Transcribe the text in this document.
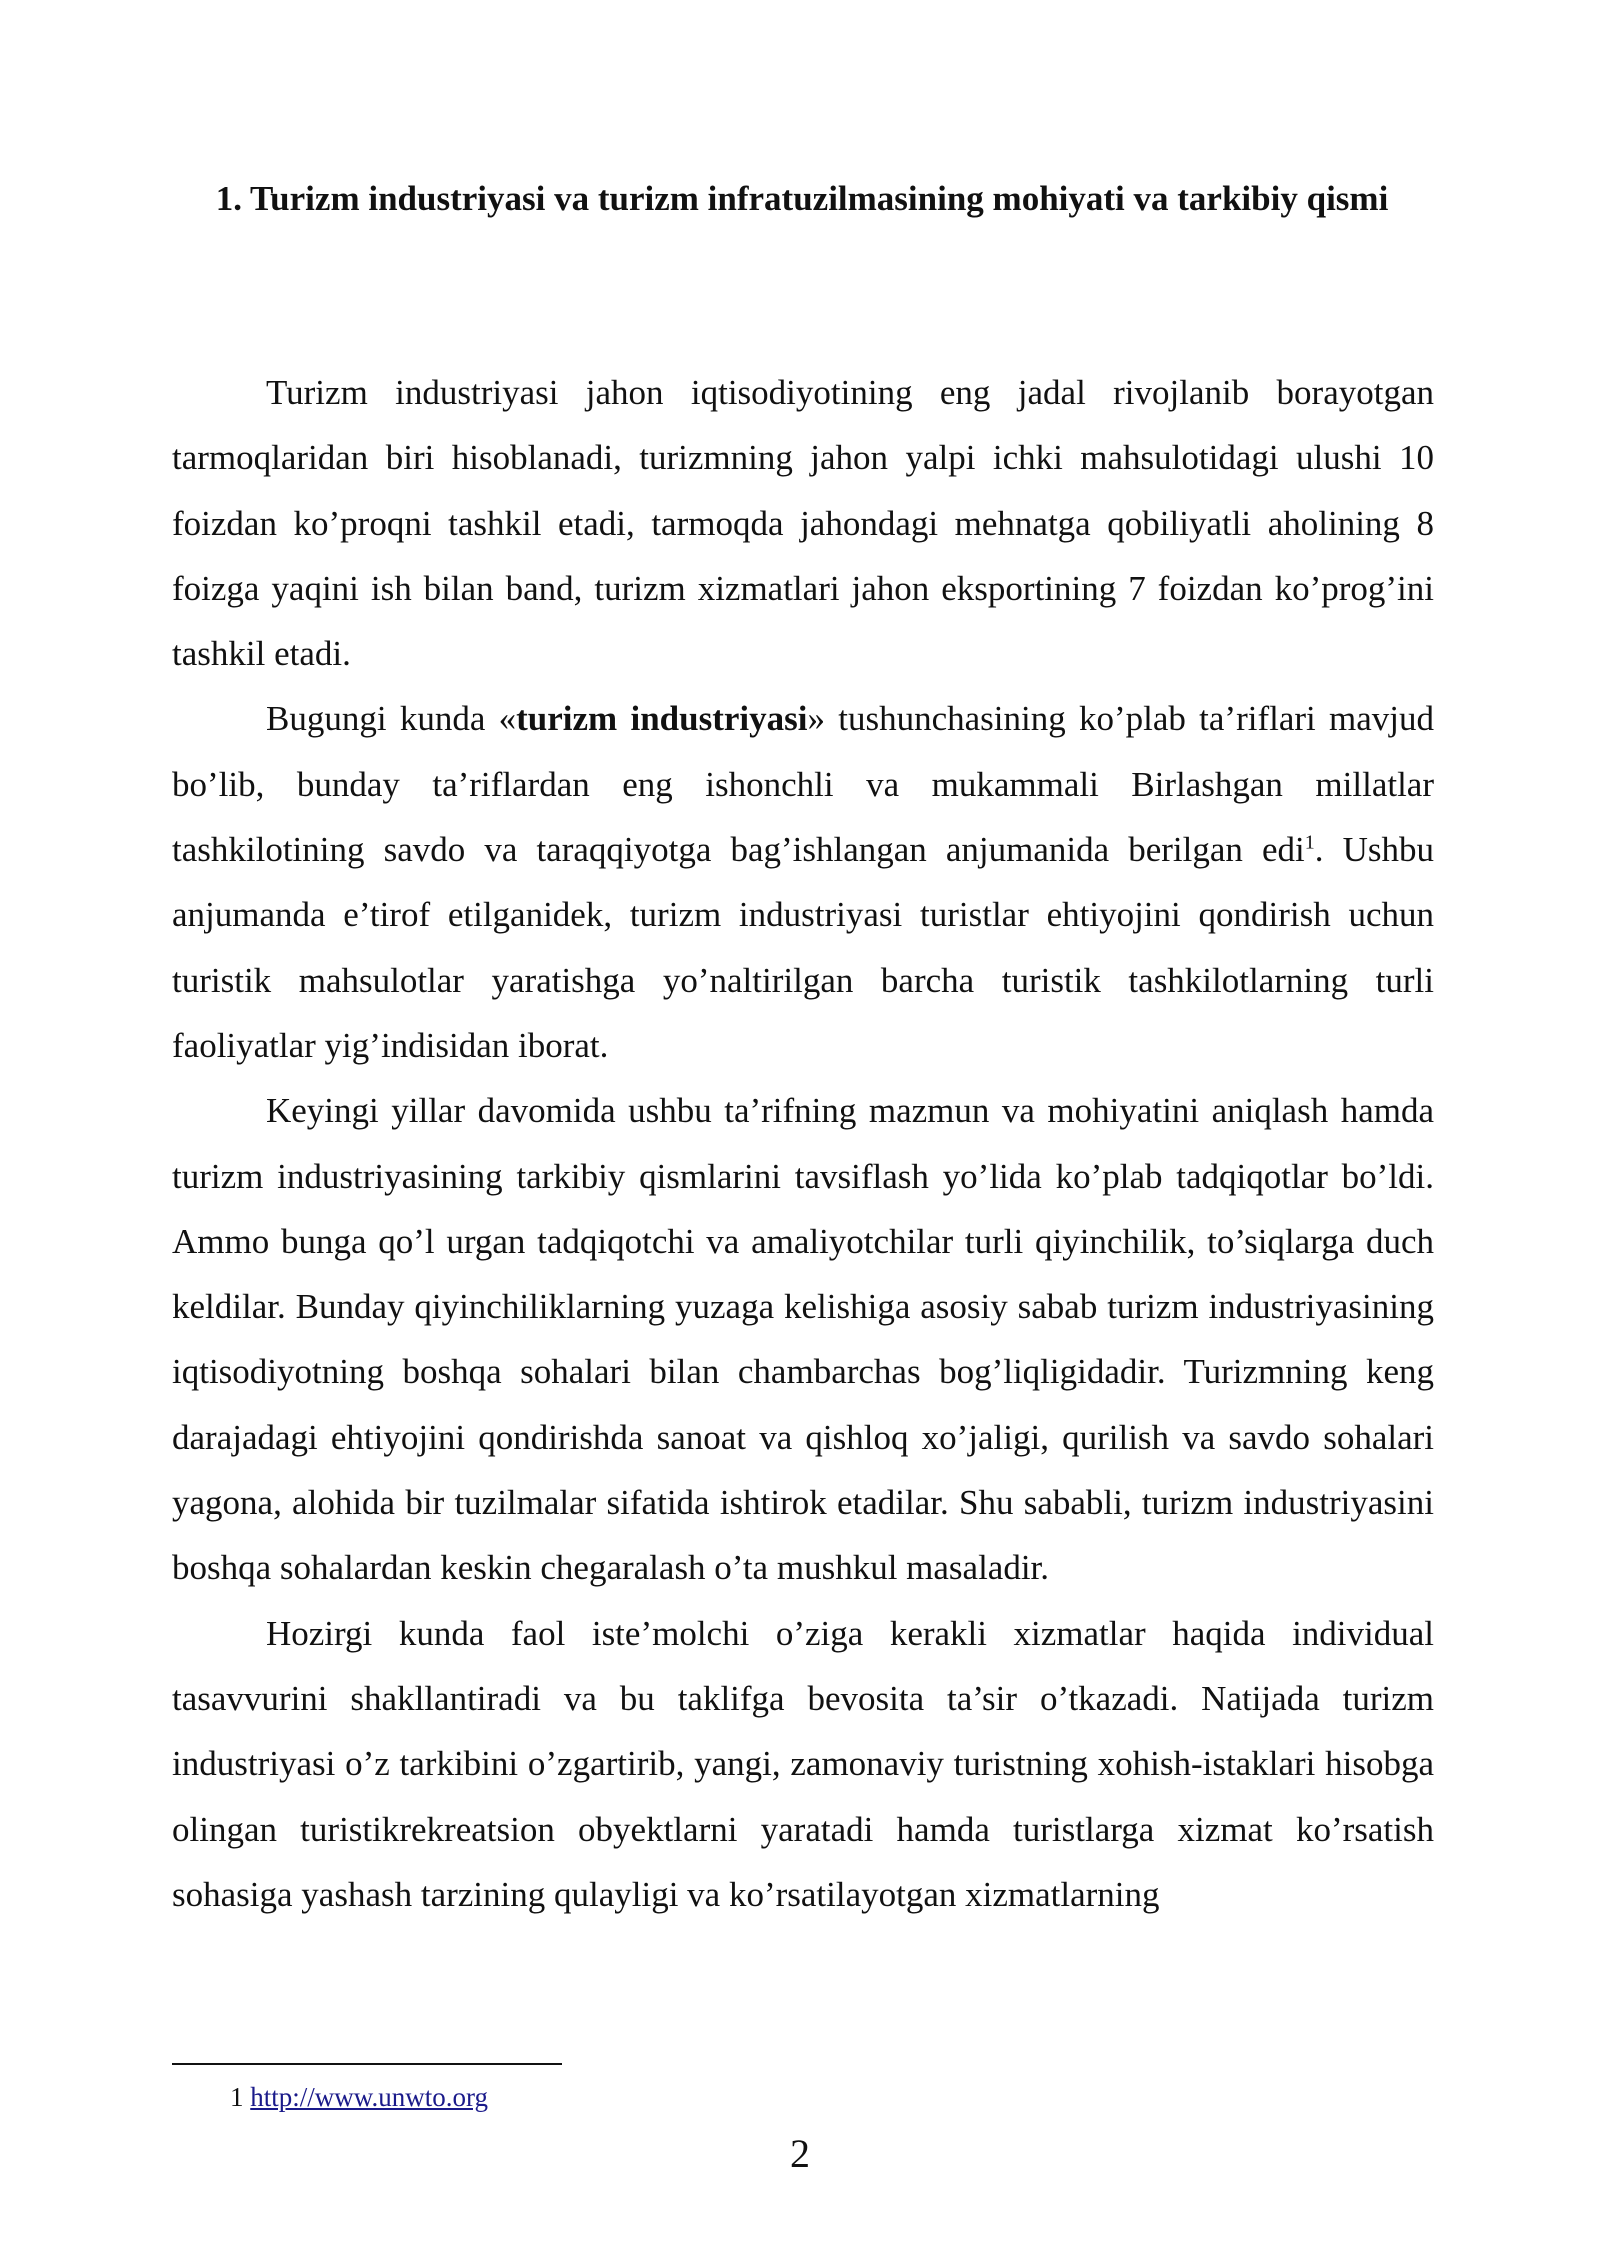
1. Turizm industriyasi va turizm infratuzilmasining mohiyati va tarkibiy qismi

Turizm industriyasi jahon iqtisodiyotining eng jadal rivojlanib borayotgan tarmoqlaridan biri hisoblanadi, turizmning jahon yalpi ichki mahsulotidagi ulushi 10 foizdan ko’proqni tashkil etadi, tarmoqda jahondagi mehnatga qobiliyatli aholining 8 foizga yaqini ish bilan band, turizm xizmatlari jahon eksportining 7 foizdan ko’prog’ini tashkil etadi.

Bugungi kunda «turizm industriyasi» tushunchasining ko’plab ta’riflari mavjud bo’lib, bunday ta’riflardan eng ishonchli va mukammali Birlashgan millatlar tashkilotining savdo va taraqqiyotga bag’ishlangan anjumanida berilgan edi$^1$. Ushbu anjumanda e’tirof etilganidek, turizm industriyasi turistlar ehtiyojini qondirish uchun turistik mahsulotlar yaratishga yo’naltirilgan barcha turistik tashkilotlarning turli faoliyatlar yig’indisidan iborat.

Keyingi yillar davomida ushbu ta’rifning mazmun va mohiyatini aniqlash hamda turizm industriyasining tarkibiy qismlarini tavsiflash yo’lida ko’plab tadqiqotlar bo’ldi. Ammo bunga qo’l urgan tadqiqotchi va amaliyotchilar turli qiyinchilik, to’siqlarga duch keldilar. Bunday qiyinchiliklarning yuzaga kelishiga asosiy sabab turizm industriyasining iqtisodiyotning boshqa sohalari bilan chambarchas bog’liqligidadir. Turizmning keng darajadagi ehtiyojini qondirishda sanoat va qishloq xo’jaligi, qurilish va savdo sohalari yagona, alohida bir tuzilmalar sifatida ishtirok etadilar. Shu sababli, turizm industriyasini boshqa sohalardan keskin chegaralash o’ta mushkul masaladir.

Hozirgi kunda faol iste’molchi o’ziga kerakli xizmatlar haqida individual tasavvurini shakllantiradi va bu taklifga bevosita ta’sir o’tkazadi. Natijada turizm industriyasi o’z tarkibini o’zgartirib, yangi, zamonaviy turistning xohish-istaklari hisobga olingan turistikrekreatsion obyektlarni yaratadi hamda turistlarga xizmat ko’rsatish sohasiga yashash tarzining qulayligi va ko’rsatilayotgan xizmatlarning

1 http://www.unwto.org
2
